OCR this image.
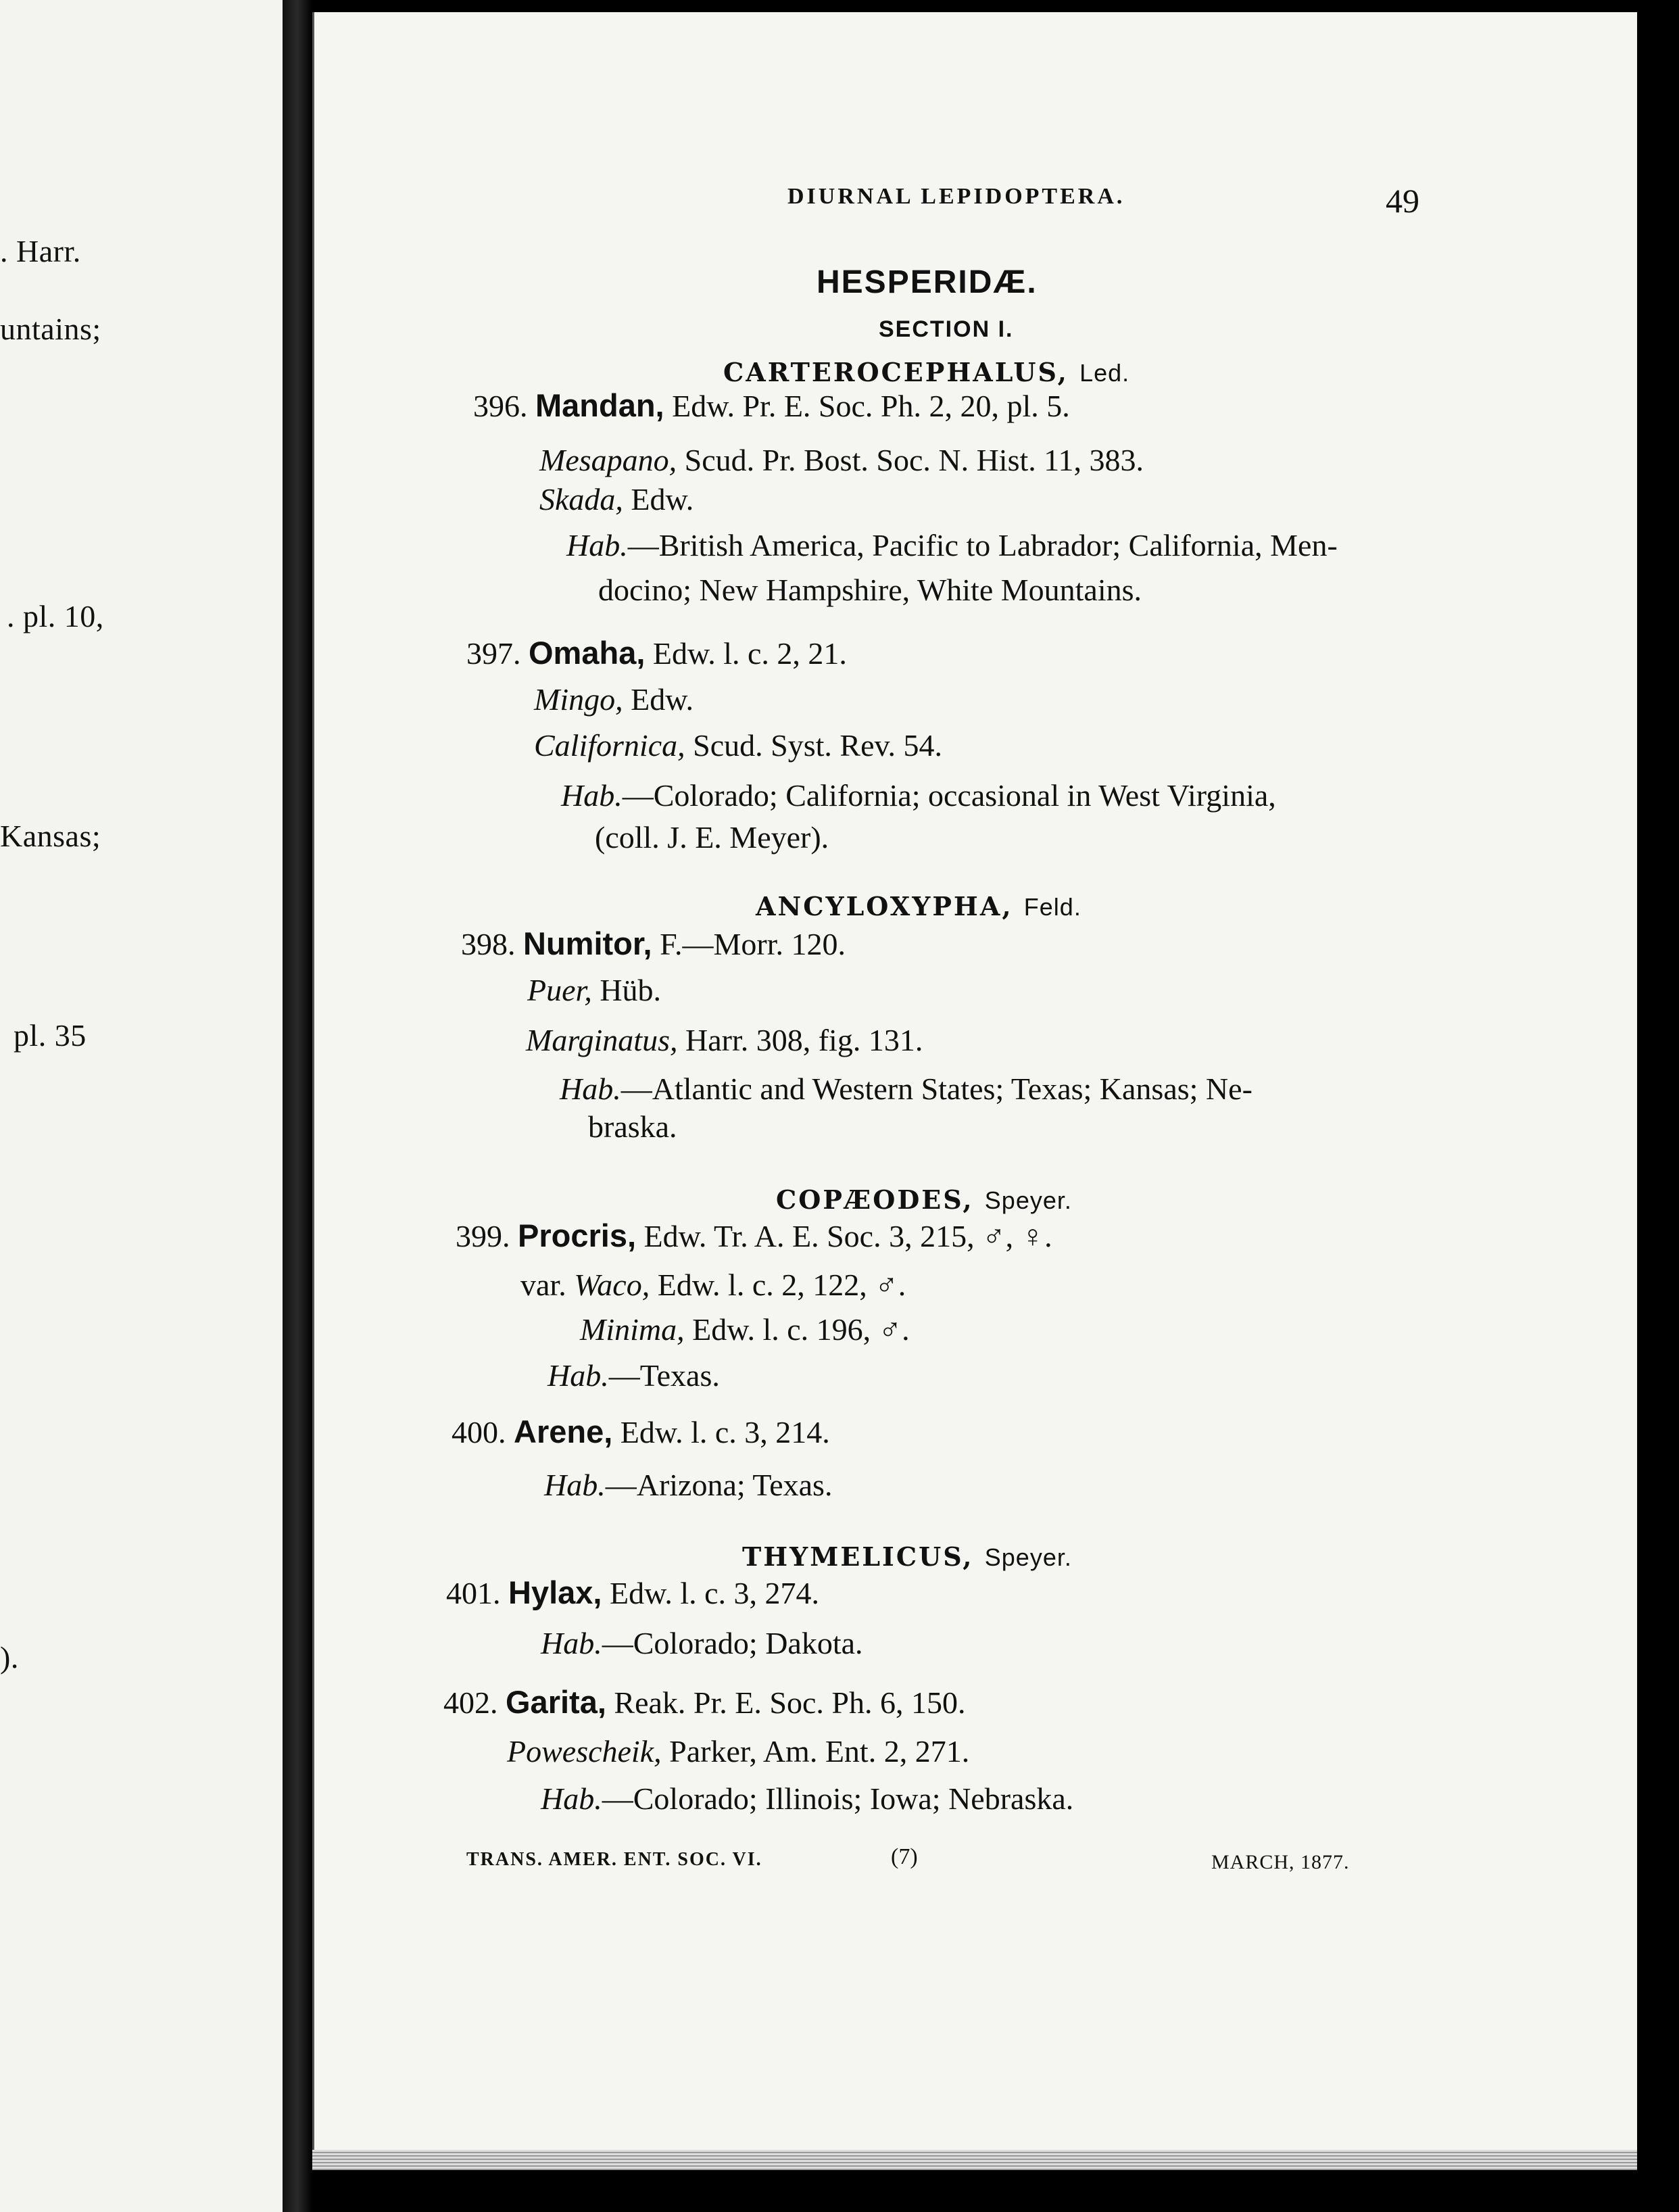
. Harr.
untains;
. pl. 10,
Kansas;
pl. 35
).
DIURNAL LEPIDOPTERA.	49
HESPERIDÆ.
SECTION I.
CARTEROCEPHALUS, Led.
396. Mandan, Edw. Pr. E. Soc. Ph. 2, 20, pl. 5.
Mesapano, Scud. Pr. Bost. Soc. N. Hist. 11, 383.
Skada, Edw.
Hab.—British America, Pacific to Labrador; California, Men-
docino; New Hampshire, White Mountains.
397. Omaha, Edw. l. c. 2, 21.
Mingo, Edw.
Californica, Scud. Syst. Rev. 54.
Hab.—Colorado; California; occasional in West Virginia,
(coll. J. E. Meyer).
ANCYLOXYPHA, Feld.
398. Numitor, F.—Morr. 120.
Puer, Hüb.
Marginatus, Harr. 308, fig. 131.
Hab.—Atlantic and Western States; Texas; Kansas; Ne-
braska.
COPÆODES, Speyer.
399. Procris, Edw. Tr. A. E. Soc. 3, 215, ♂, ♀.
var. Waco, Edw. l. c. 2, 122, ♂.
Minima, Edw. l. c. 196, ♂.
Hab.—Texas.
400. Arene, Edw. l. c. 3, 214.
Hab.—Arizona; Texas.
THYMELICUS, Speyer.
401. Hylax, Edw. l. c. 3, 274.
Hab.—Colorado; Dakota.
402. Garita, Reak. Pr. E. Soc. Ph. 6, 150.
Powescheik, Parker, Am. Ent. 2, 271.
Hab.—Colorado; Illinois; Iowa; Nebraska.
TRANS. AMER. ENT. SOC. VI.	(7)	MARCH, 1877.
